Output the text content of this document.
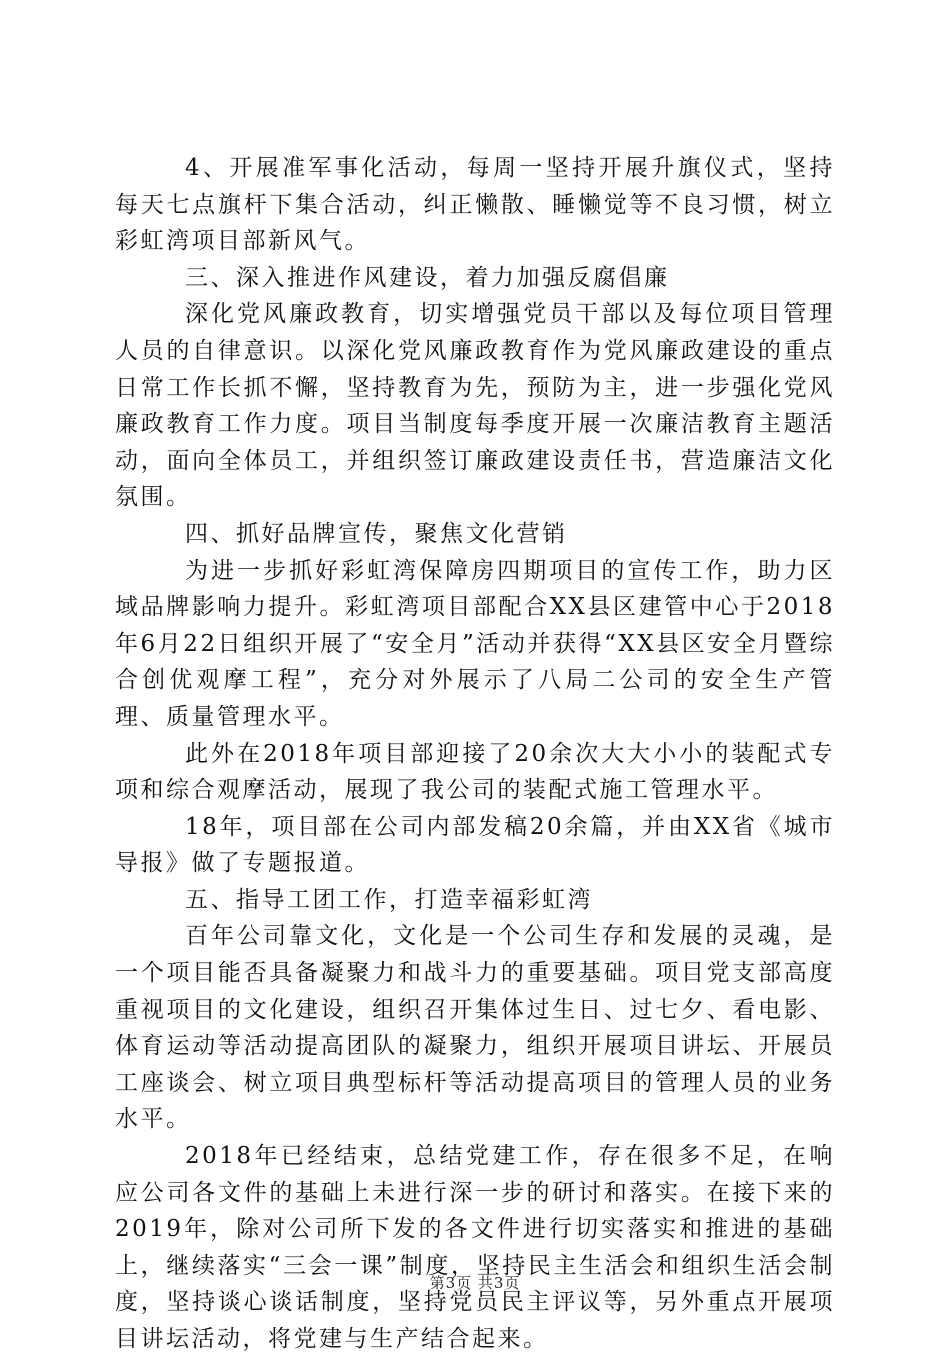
4、开展准军事化活动，每周一坚持开展升旗仪式，坚持每天七点旗杆下集合活动，纠正懒散、睡懒觉等不良习惯，树立彩虹湾项目部新风气。

三、深入推进作风建设，着力加强反腐倡廉

深化党风廉政教育，切实增强党员干部以及每位项目管理人员的自律意识。以深化党风廉政教育作为党风廉政建设的重点日常工作长抓不懈，坚持教育为先，预防为主，进一步强化党风廉政教育工作力度。项目当制度每季度开展一次廉洁教育主题活动，面向全体员工，并组织签订廉政建设责任书，营造廉洁文化氛围。

四、抓好品牌宣传，聚焦文化营销

为进一步抓好彩虹湾保障房四期项目的宣传工作，助力区域品牌影响力提升。彩虹湾项目部配合XX县区建管中心于2018年6月22日组织开展了“安全月”活动并获得“XX县区安全月暨综合创优观摩工程”，充分对外展示了八局二公司的安全生产管理、质量管理水平。

此外在2018年项目部迎接了20余次大大小小的装配式专项和综合观摩活动，展现了我公司的装配式施工管理水平。

18年，项目部在公司内部发稿20余篇，并由XX省《城市导报》做了专题报道。

五、指导工团工作，打造幸福彩虹湾

百年公司靠文化，文化是一个公司生存和发展的灵魂，是一个项目能否具备凝聚力和战斗力的重要基础。项目党支部高度重视项目的文化建设，组织召开集体过生日、过七夕、看电影、体育运动等活动提高团队的凝聚力，组织开展项目讲坛、开展员工座谈会、树立项目典型标杆等活动提高项目的管理人员的业务水平。

2018年已经结束，总结党建工作，存在很多不足，在响应公司各文件的基础上未进行深一步的研讨和落实。在接下来的2019年，除对公司所下发的各文件进行切实落实和推进的基础上，继续落实“三会一课”制度，坚持民主生活会和组织生活会制度，坚持谈心谈话制度，坚持党员民主评议等，另外重点开展项目讲坛活动，将党建与生产结合起来。

第3页 共3页
